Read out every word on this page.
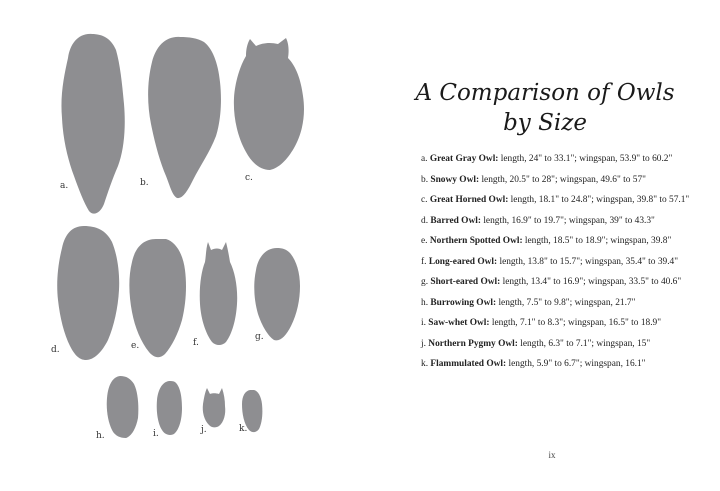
a.	b.	c.
d.	e.	f.
g.
h.	i.	j.	k.
A Comparison of Owls
by Size
a. Great Gray Owl: length, 24" to 33.1"; wingspan, 53.9" to 60.2"
b. Snowy Owl: length, 20.5" to 28"; wingspan, 49.6" to 57"
c. Great Horned Owl: length, 18.1" to 24.8"; wingspan, 39.8" to 57.1"
d. Barred Owl: length, 16.9" to 19.7"; wingspan, 39" to 43.3"
e. Northern Spotted Owl: length, 18.5" to 18.9"; wingspan, 39.8"
f. Long-eared Owl: length, 13.8" to 15.7"; wingspan, 35.4" to 39.4"
g. Short-eared Owl: length, 13.4" to 16.9"; wingspan, 33.5" to 40.6"
h. Burrowing Owl: length, 7.5" to 9.8"; wingspan, 21.7"
i. Saw-whet Owl: length, 7.1" to 8.3"; wingspan, 16.5" to 18.9"
j. Northern Pygmy Owl: length, 6.3" to 7.1"; wingspan, 15"
k. Flammulated Owl: length, 5.9" to 6.7"; wingspan, 16.1"
ix
